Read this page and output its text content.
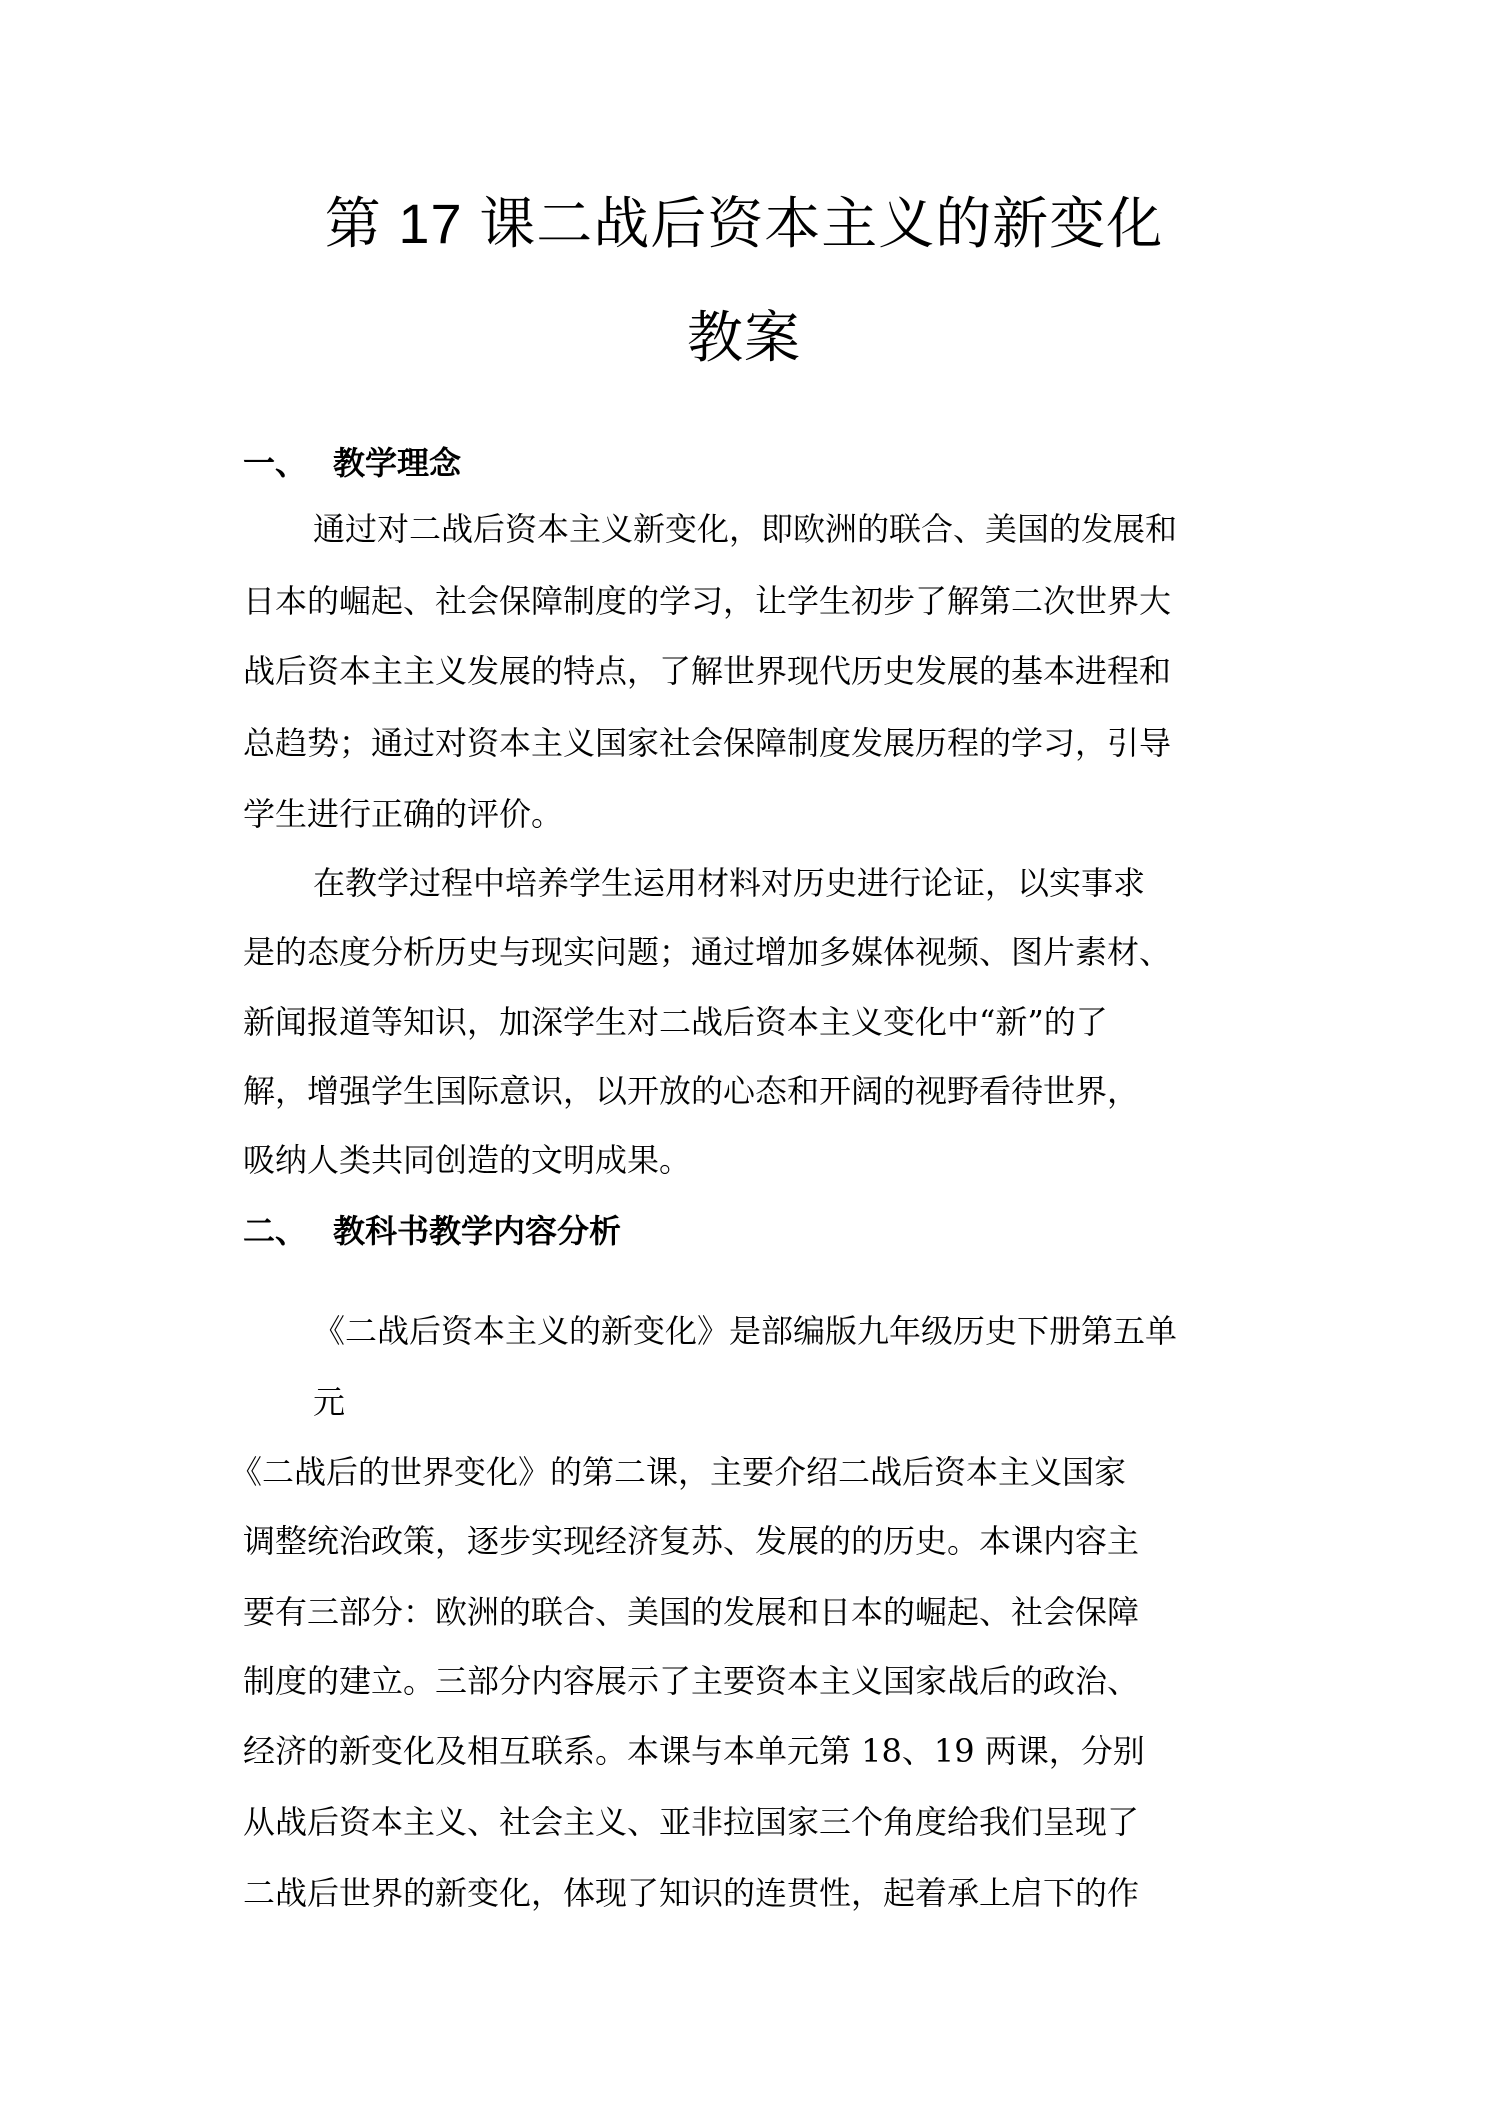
第 17 课二战后资本主义的新变化
教案
一、 教学理念
通过对二战后资本主义新变化，即欧洲的联合、美国的发展和
日本的崛起、社会保障制度的学习，让学生初步了解第二次世界大
战后资本主主义发展的特点，了解世界现代历史发展的基本进程和
总趋势；通过对资本主义国家社会保障制度发展历程的学习，引导
学生进行正确的评价。
在教学过程中培养学生运用材料对历史进行论证，以实事求
是的态度分析历史与现实问题；通过增加多媒体视频、图片素材、
新闻报道等知识，加深学生对二战后资本主义变化中“新”的了
解，增强学生国际意识，以开放的心态和开阔的视野看待世界，
吸纳人类共同创造的文明成果。
二、 教科书教学内容分析
《二战后资本主义的新变化》是部编版九年级历史下册第五单
元
《二战后的世界变化》的第二课，主要介绍二战后资本主义国家
调整统治政策，逐步实现经济复苏、发展的的历史。本课内容主
要有三部分：欧洲的联合、美国的发展和日本的崛起、社会保障
制度的建立。三部分内容展示了主要资本主义国家战后的政治、
经济的新变化及相互联系。本课与本单元第 18、19 两课，分别
从战后资本主义、社会主义、亚非拉国家三个角度给我们呈现了
二战后世界的新变化，体现了知识的连贯性，起着承上启下的作
